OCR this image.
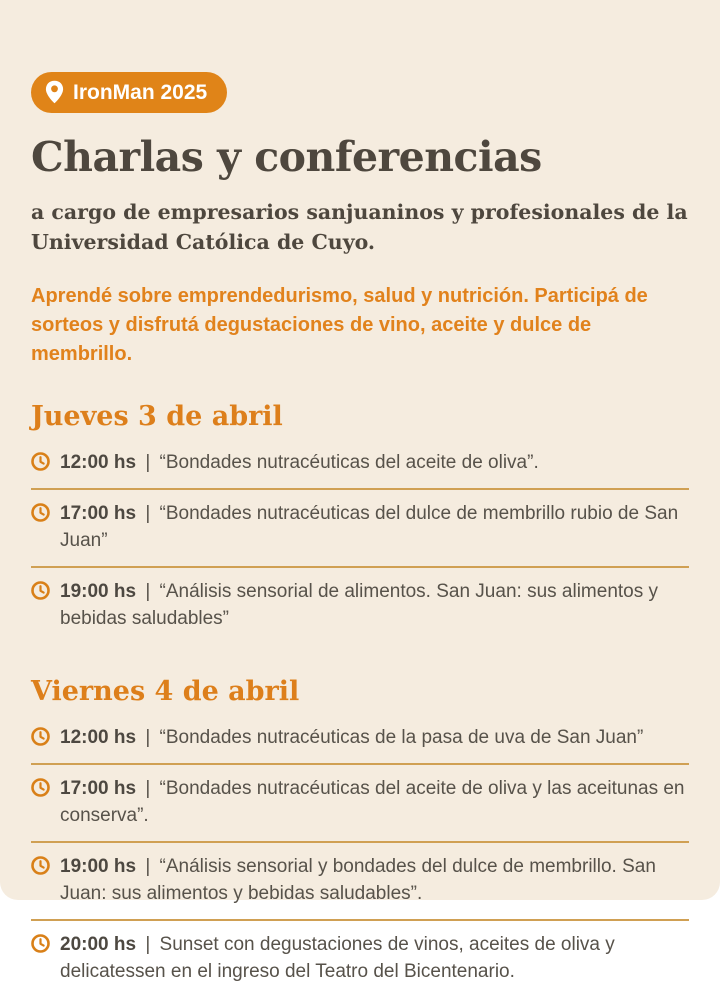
IronMan 2025
Charlas y conferencias

a cargo de empresarios sanjuaninos y profesionales de la Universidad Católica de Cuyo.

Aprendé sobre emprendedurismo, salud y nutrición. Participá de sorteos y disfrutá degustaciones de vino, aceite y dulce de membrillo.

Jueves 3 de abril
12:00 hs | “Bondades nutracéuticas del aceite de oliva”.
17:00 hs | “Bondades nutracéuticas del dulce de membrillo rubio de San Juan”
19:00 hs | “Análisis sensorial de alimentos. San Juan: sus alimentos y bebidas saludables”
Viernes 4 de abril
12:00 hs | “Bondades nutracéuticas de la pasa de uva de San Juan”
17:00 hs | “Bondades nutracéuticas del aceite de oliva y las aceitunas en conserva”.
19:00 hs | “Análisis sensorial y bondades del dulce de membrillo. San Juan: sus alimentos y bebidas saludables”.
20:00 hs | Sunset con degustaciones de vinos, aceites de oliva y delicatessen en el ingreso del Teatro del Bicentenario.
